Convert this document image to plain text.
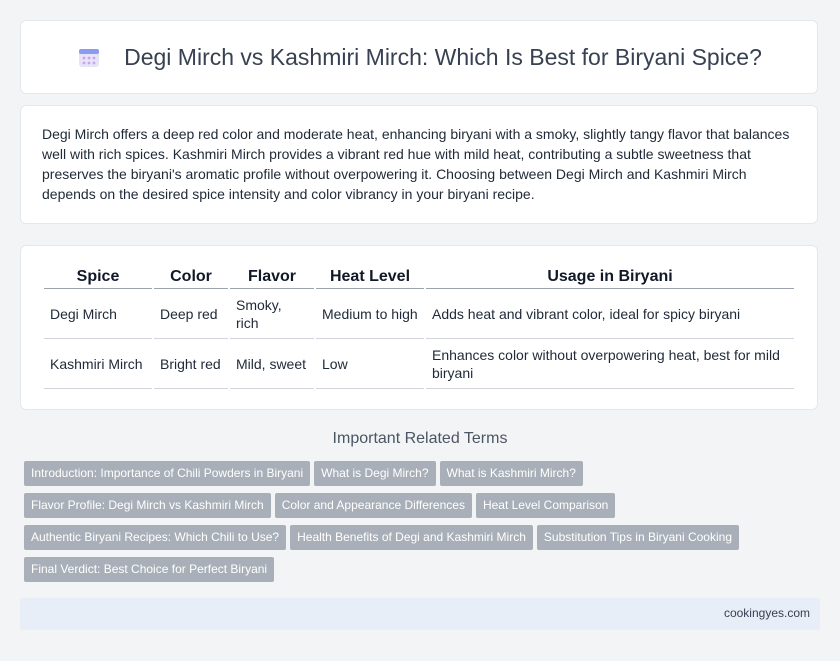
Degi Mirch vs Kashmiri Mirch: Which Is Best for Biryani Spice?

Degi Mirch offers a deep red color and moderate heat, enhancing biryani with a smoky, slightly tangy flavor that balances well with rich spices. Kashmiri Mirch provides a vibrant red hue with mild heat, contributing a subtle sweetness that preserves the biryani's aromatic profile without overpowering it. Choosing between Degi Mirch and Kashmiri Mirch depends on the desired spice intensity and color vibrancy in your biryani recipe.

Spice	Color	Flavor	Heat Level	Usage in Biryani
Degi Mirch	Deep red	Smoky, rich	Medium to high	Adds heat and vibrant color, ideal for spicy biryani
Kashmiri Mirch	Bright red	Mild, sweet	Low	Enhances color without overpowering heat, best for mild biryani
Important Related Terms
Introduction: Importance of Chili Powders in Biryani What is Degi Mirch? What is Kashmiri Mirch?
Flavor Profile: Degi Mirch vs Kashmiri Mirch Color and Appearance Differences Heat Level Comparison
Authentic Biryani Recipes: Which Chili to Use? Health Benefits of Degi and Kashmiri Mirch Substitution Tips in Biryani Cooking
Final Verdict: Best Choice for Perfect Biryani
cookingyes.com
